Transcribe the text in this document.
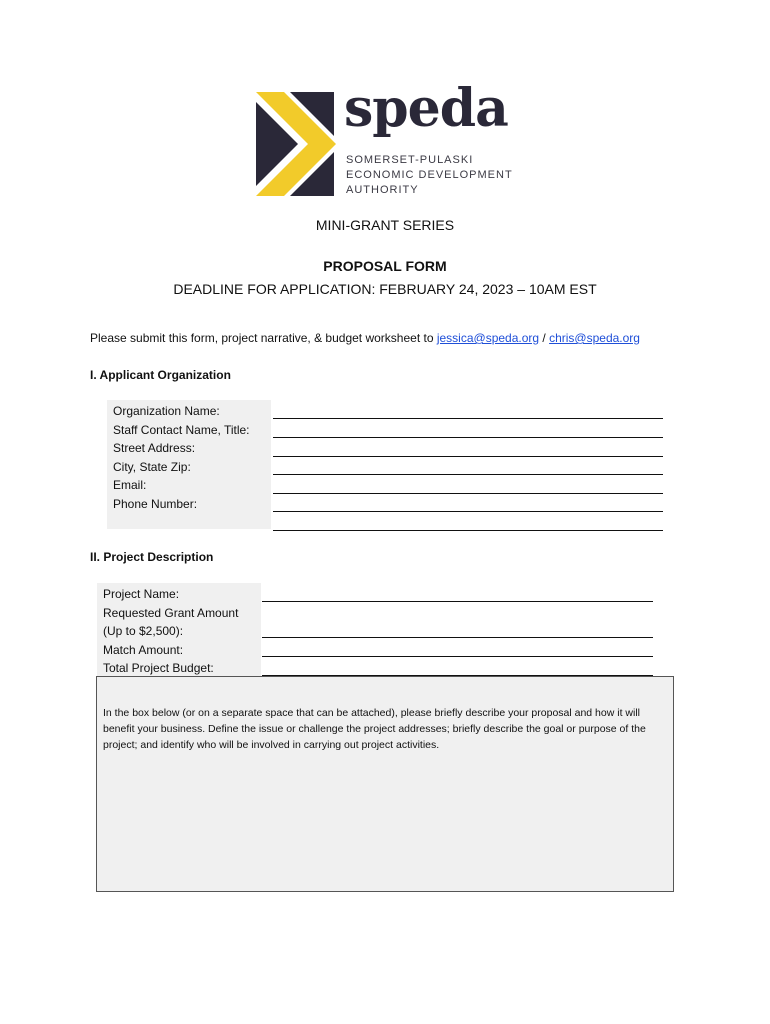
speda
SOMERSET-PULASKI
ECONOMIC DEVELOPMENT
AUTHORITY
MINI-GRANT SERIES
PROPOSAL FORM
DEADLINE FOR APPLICATION: FEBRUARY 24, 2023 – 10AM EST
Please submit this form, project narrative, & budget worksheet to jessica@speda.org / chris@speda.org
I. Applicant Organization
Organization Name:
Staff Contact Name, Title:
Street Address:
City, State Zip:
Email:
Phone Number:
II. Project Description
Project Name:
Requested Grant Amount
(Up to $2,500):
Match Amount:
Total Project Budget:
In the box below (or on a separate space that can be attached), please briefly describe your proposal and how it will benefit your business. Define the issue or challenge the project addresses; briefly describe the goal or purpose of the project; and identify who will be involved in carrying out project activities.
